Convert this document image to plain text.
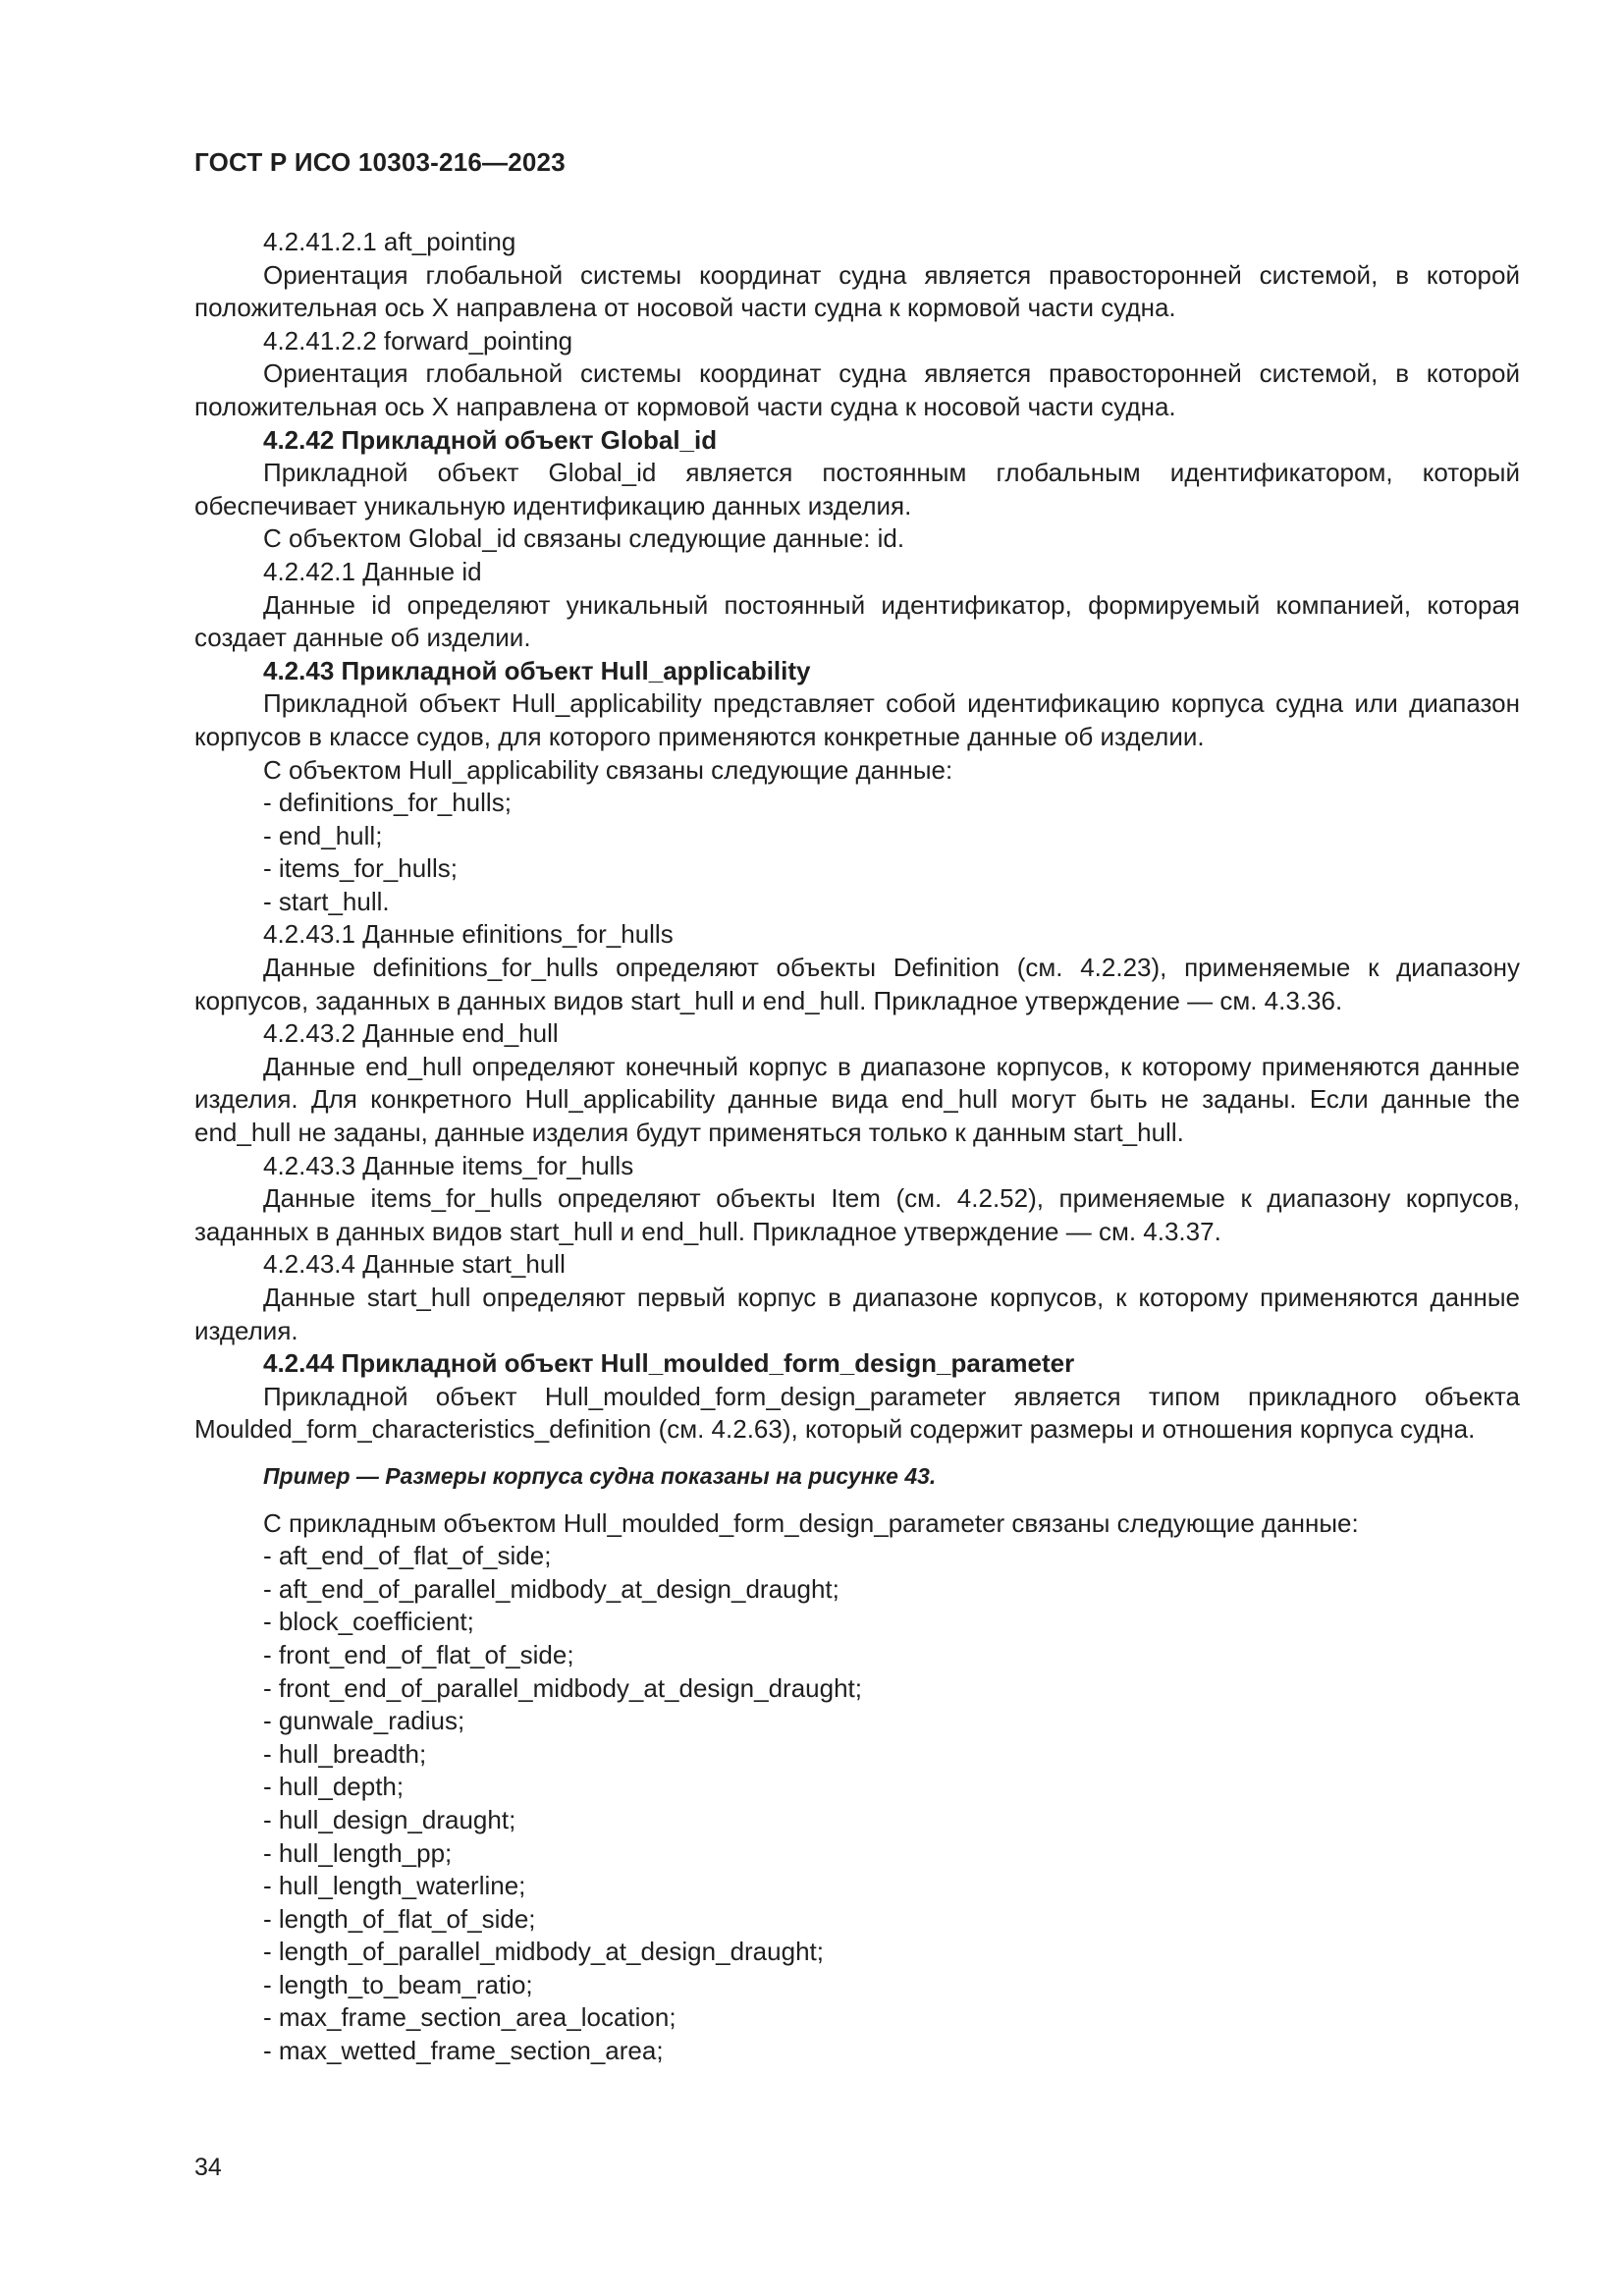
ГОСТ Р ИСО 10303-216—2023

4.2.41.2.1 aft_pointing

Ориентация глобальной системы координат судна является правосторонней системой, в которой положительная ось X направлена от носовой части судна к кормовой части судна.

4.2.41.2.2 forward_pointing

Ориентация глобальной системы координат судна является правосторонней системой, в которой положительная ось X направлена от кормовой части судна к носовой части судна.

4.2.42 Прикладной объект Global_id

Прикладной объект Global_id является постоянным глобальным идентификатором, который обеспечивает уникальную идентификацию данных изделия.

С объектом Global_id связаны следующие данные: id.

4.2.42.1 Данные id

Данные id определяют уникальный постоянный идентификатор, формируемый компанией, которая создает данные об изделии.

4.2.43 Прикладной объект Hull_applicability

Прикладной объект Hull_applicability представляет собой идентификацию корпуса судна или диапазон корпусов в классе судов, для которого применяются конкретные данные об изделии.

С объектом Hull_applicability связаны следующие данные:

- definitions_for_hulls;

- end_hull;

- items_for_hulls;

- start_hull.

4.2.43.1 Данные efinitions_for_hulls

Данные definitions_for_hulls определяют объекты Definition (см. 4.2.23), применяемые к диапазону корпусов, заданных в данных видов start_hull и end_hull. Прикладное утверждение — см. 4.3.36.

4.2.43.2 Данные end_hull

Данные end_hull определяют конечный корпус в диапазоне корпусов, к которому применяются данные изделия. Для конкретного Hull_applicability данные вида end_hull могут быть не заданы. Если данные the end_hull не заданы, данные изделия будут применяться только к данным start_hull.

4.2.43.3 Данные items_for_hulls

Данные items_for_hulls определяют объекты Item (см. 4.2.52), применяемые к диапазону корпусов, заданных в данных видов start_hull и end_hull. Прикладное утверждение — см. 4.3.37.

4.2.43.4 Данные start_hull

Данные start_hull определяют первый корпус в диапазоне корпусов, к которому применяются данные изделия.

4.2.44 Прикладной объект Hull_moulded_form_design_parameter

Прикладной объект Hull_moulded_form_design_parameter является типом прикладного объекта Moulded_form_characteristics_definition (см. 4.2.63), который содержит размеры и отношения корпуса судна.

Пример — Размеры корпуса судна показаны на рисунке 43.

С прикладным объектом Hull_moulded_form_design_parameter связаны следующие данные:

- aft_end_of_flat_of_side;

- aft_end_of_parallel_midbody_at_design_draught;

- block_coefficient;

- front_end_of_flat_of_side;

- front_end_of_parallel_midbody_at_design_draught;

- gunwale_radius;

- hull_breadth;

- hull_depth;

- hull_design_draught;

- hull_length_pp;

- hull_length_waterline;

- length_of_flat_of_side;

- length_of_parallel_midbody_at_design_draught;

- length_to_beam_ratio;

- max_frame_section_area_location;

- max_wetted_frame_section_area;

34
